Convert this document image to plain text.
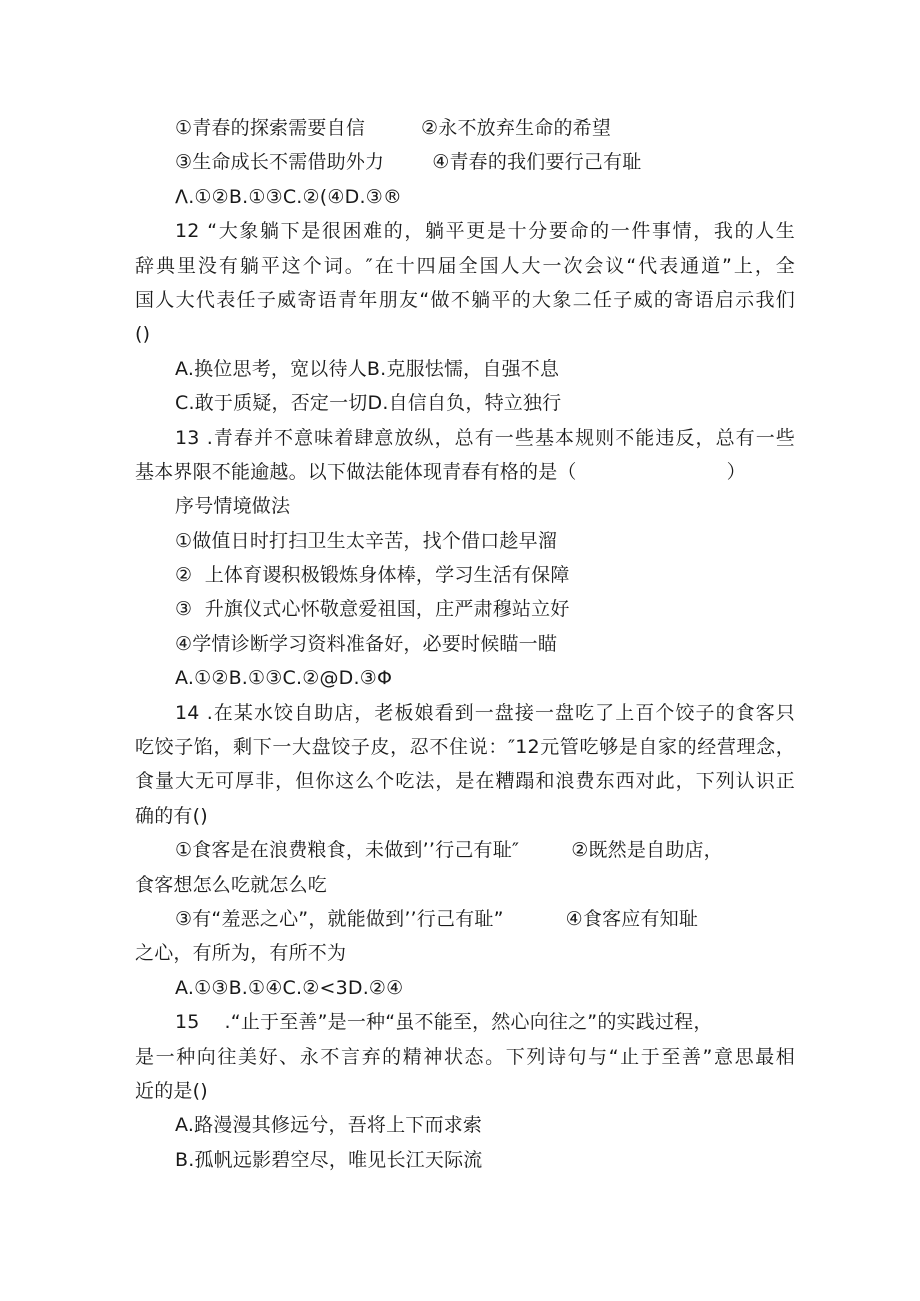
①青春的探索需要自信	②永不放弃生命的希望
③生命成长不需借助外力	④青春的我们要行己有耻
Λ.①②B.①③C.②(④D.③®
12 “大象躺下是很困难的，躺平更是十分要命的一件事情，我的人生
辞典里没有躺平这个词。″在十四届全国人大一次会议“代表通道”上，全
国人大代表任子威寄语青年朋友“做不躺平的大象二任子威的寄语启示我们
()
A.换位思考，宽以待人B.克服怯懦，自强不息
C.敢于质疑，否定一切D.自信自负，特立独行
13 .青春并不意味着肆意放纵，总有一些基本规则不能违反，总有一些
基本界限不能逾越。以下做法能体现青春有格的是（	）
序号情境做法
①做值日时打扫卫生太辛苦，找个借口趁早溜
②  上体育谡积极锻炼身体棒，学习生活有保障
③  升旗仪式心怀敬意爱祖国，庄严肃穆站立好
④学情诊断学习资料准备好，必要时候瞄一瞄
A.①②B.①③C.②@D.③Φ
14 .在某水饺自助店，老板娘看到一盘接一盘吃了上百个饺子的食客只
吃饺子馅，剩下一大盘饺子皮，忍不住说：″12元管吃够是自家的经营理念，
食量大无可厚非，但你这么个吃法，是在糟蹋和浪费东西对此，下列认识正
确的有()
①食客是在浪费粮食，未做到’’行己有耻″	②既然是自助店，
食客想怎么吃就怎么吃
③有“羞恶之心”，就能做到’’行己有耻”	④食客应有知耻
之心，有所为，有所不为
A.①③B.①④C.②<3D.②④
15    .“止于至善”是一种“虽不能至，然心向往之”的实践过程，
是一种向往美好、永不言弃的精神状态。下列诗句与“止于至善”意思最相
近的是()
A.路漫漫其修远兮，吾将上下而求索
B.孤帆远影碧空尽，唯见长江天际流
